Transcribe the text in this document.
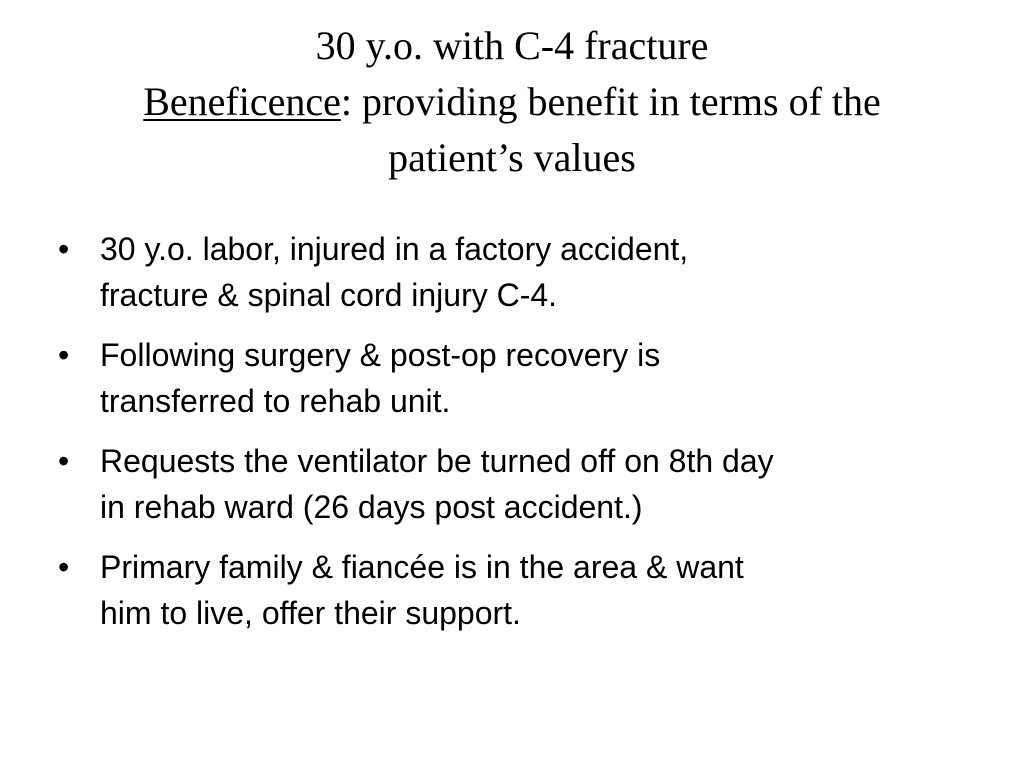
30 y.o. with C-4 fracture
Beneficence: providing benefit in terms of the
patient’s values
• 30 y.o. labor, injured in a factory accident,
fracture & spinal cord injury C-4.
• Following surgery & post-op recovery is
transferred to rehab unit.
• Requests the ventilator be turned off on 8th day
in rehab ward (26 days post accident.)
• Primary family & fiancée is in the area & want
him to live, offer their support.
